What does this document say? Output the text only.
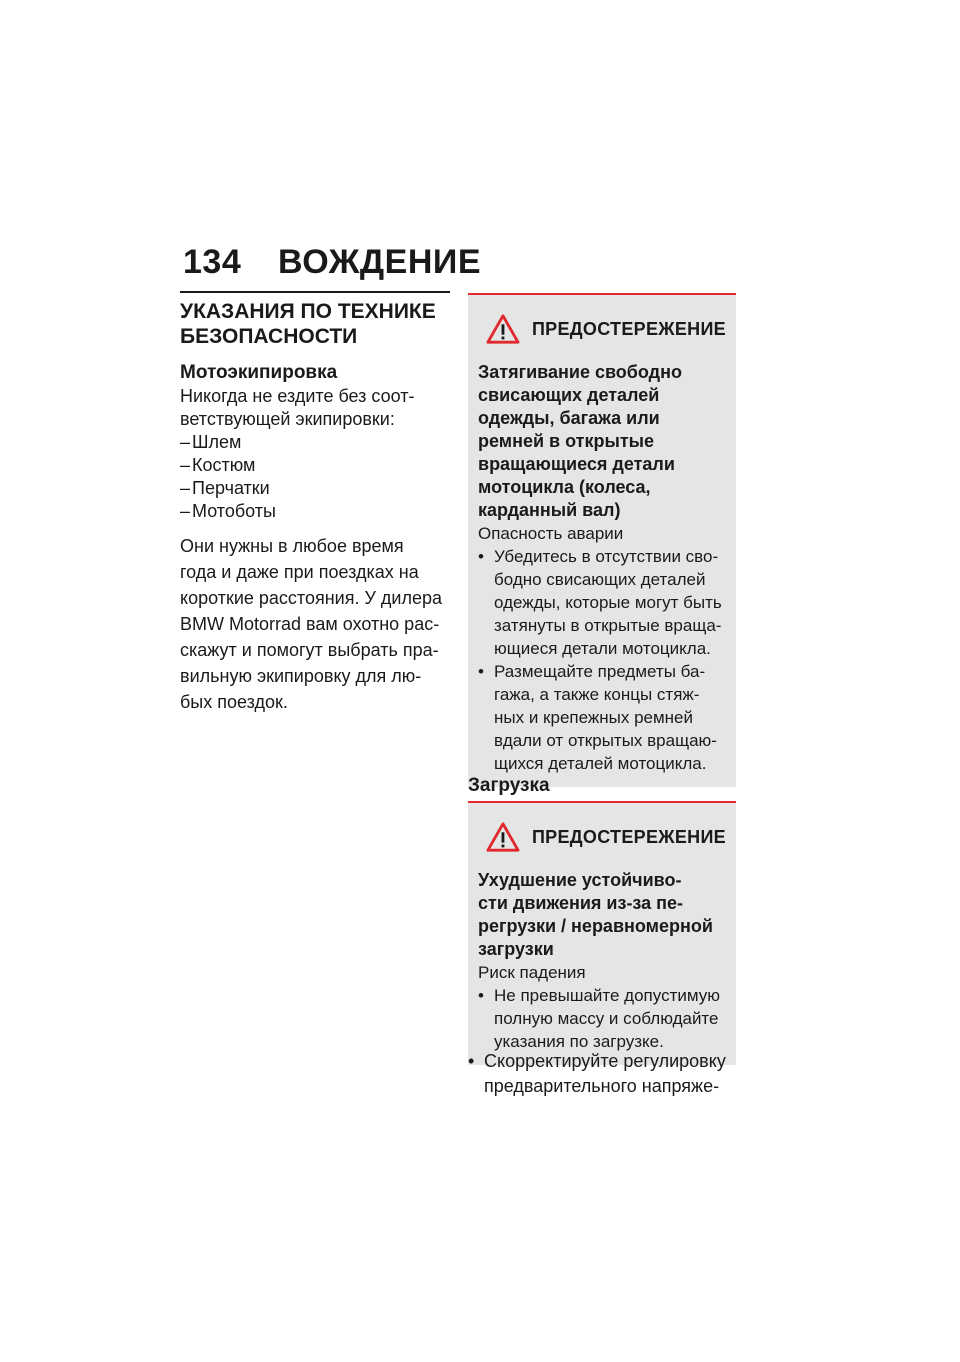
134 ВОЖДЕНИЕ
УКАЗАНИЯ ПО ТЕХНИКЕ
БЕЗОПАСНОСТИ
Мотоэкипировка
Никогда не ездите без соот-
ветствующей экипировки:
– Шлем
– Костюм
– Перчатки
– Мотоботы
Они нужны в любое время
года и даже при поездках на
короткие расстояния. У дилера
BMW Motorrad вам охотно рас-
скажут и помогут выбрать пра-
вильную экипировку для лю-
бых поездок.
ПРЕДОСТЕРЕЖЕНИЕ
Затягивание свободно
свисающих деталей
одежды, багажа или
ремней в открытые
вращающиеся детали
мотоцикла (колеса,
карданный вал)
Опасность аварии
• Убедитесь в отсутствии сво-
бодно свисающих деталей
одежды, которые могут быть
затянуты в открытые враща-
ющиеся детали мотоцикла.
• Размещайте предметы ба-
гажа, а также концы стяж-
ных и крепежных ремней
вдали от открытых вращаю-
щихся деталей мотоцикла.
Загрузка
ПРЕДОСТЕРЕЖЕНИЕ
Ухудшение устойчиво-
сти движения из-за пе-
регрузки / неравномерной
загрузки
Риск падения
• Не превышайте допустимую
полную массу и соблюдайте
указания по загрузке.
• Скорректируйте регулировку
предварительного напряже-
